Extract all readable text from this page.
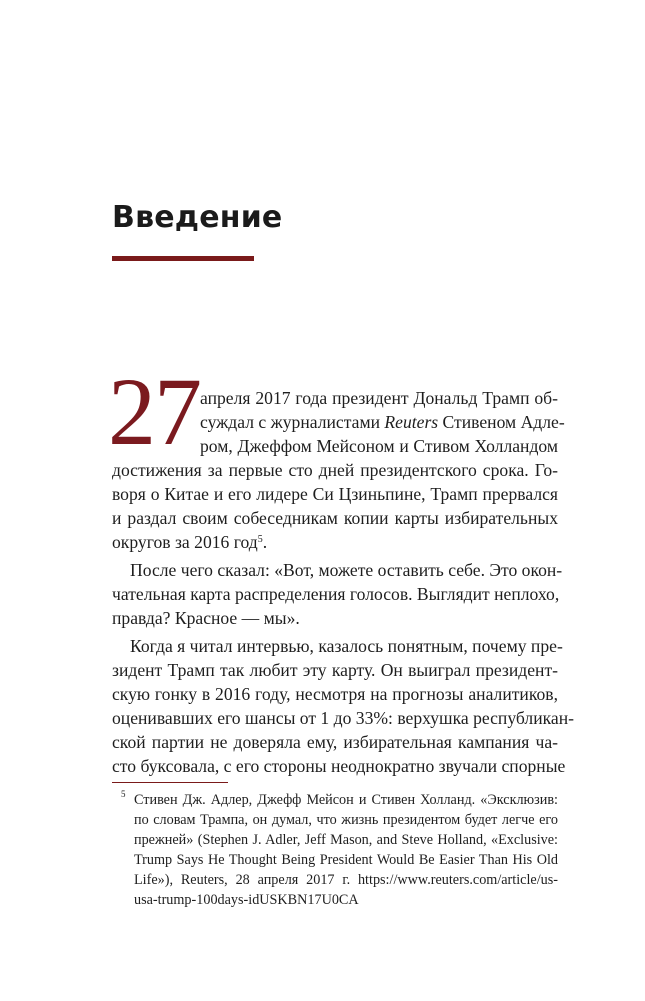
Введение
27 апреля 2017 года президент Дональд Трамп об-
суждал с журналистами Reuters Стивеном Адле-
ром, Джеффом Мейсоном и Стивом Холландом
достижения за первые сто дней президентского срока. Го-
воря о Китае и его лидере Си Цзиньпине, Трамп прервался
и раздал своим собеседникам копии карты избирательных
округов за 2016 год$^5$.
После чего сказал: «Вот, можете оставить себе. Это окон-
чательная карта распределения голосов. Выглядит неплохо,
правда? Красное — мы».
Когда я читал интервью, казалось понятным, почему пре-
зидент Трамп так любит эту карту. Он выиграл президент-
скую гонку в 2016 году, несмотря на прогнозы аналитиков,
оценивавших его шансы от 1 до 33%: верхушка республикан-
ской партии не доверяла ему, избирательная кампания ча-
сто буксовала, с его стороны неоднократно звучали спорные
5 Стивен Дж. Адлер, Джефф Мейсон и Стивен Холланд. «Эксклюзив:
по словам Трампа, он думал, что жизнь президентом будет легче его
прежней» (Stephen J. Adler, Jeff Mason, and Steve Holland, «Exclusive:
Trump Says He Thought Being President Would Be Easier Than His Old
Life»), Reuters, 28 апреля 2017 г. https://www.reuters.com/article/us-
usa-trump-100days-idUSKBN17U0CA
